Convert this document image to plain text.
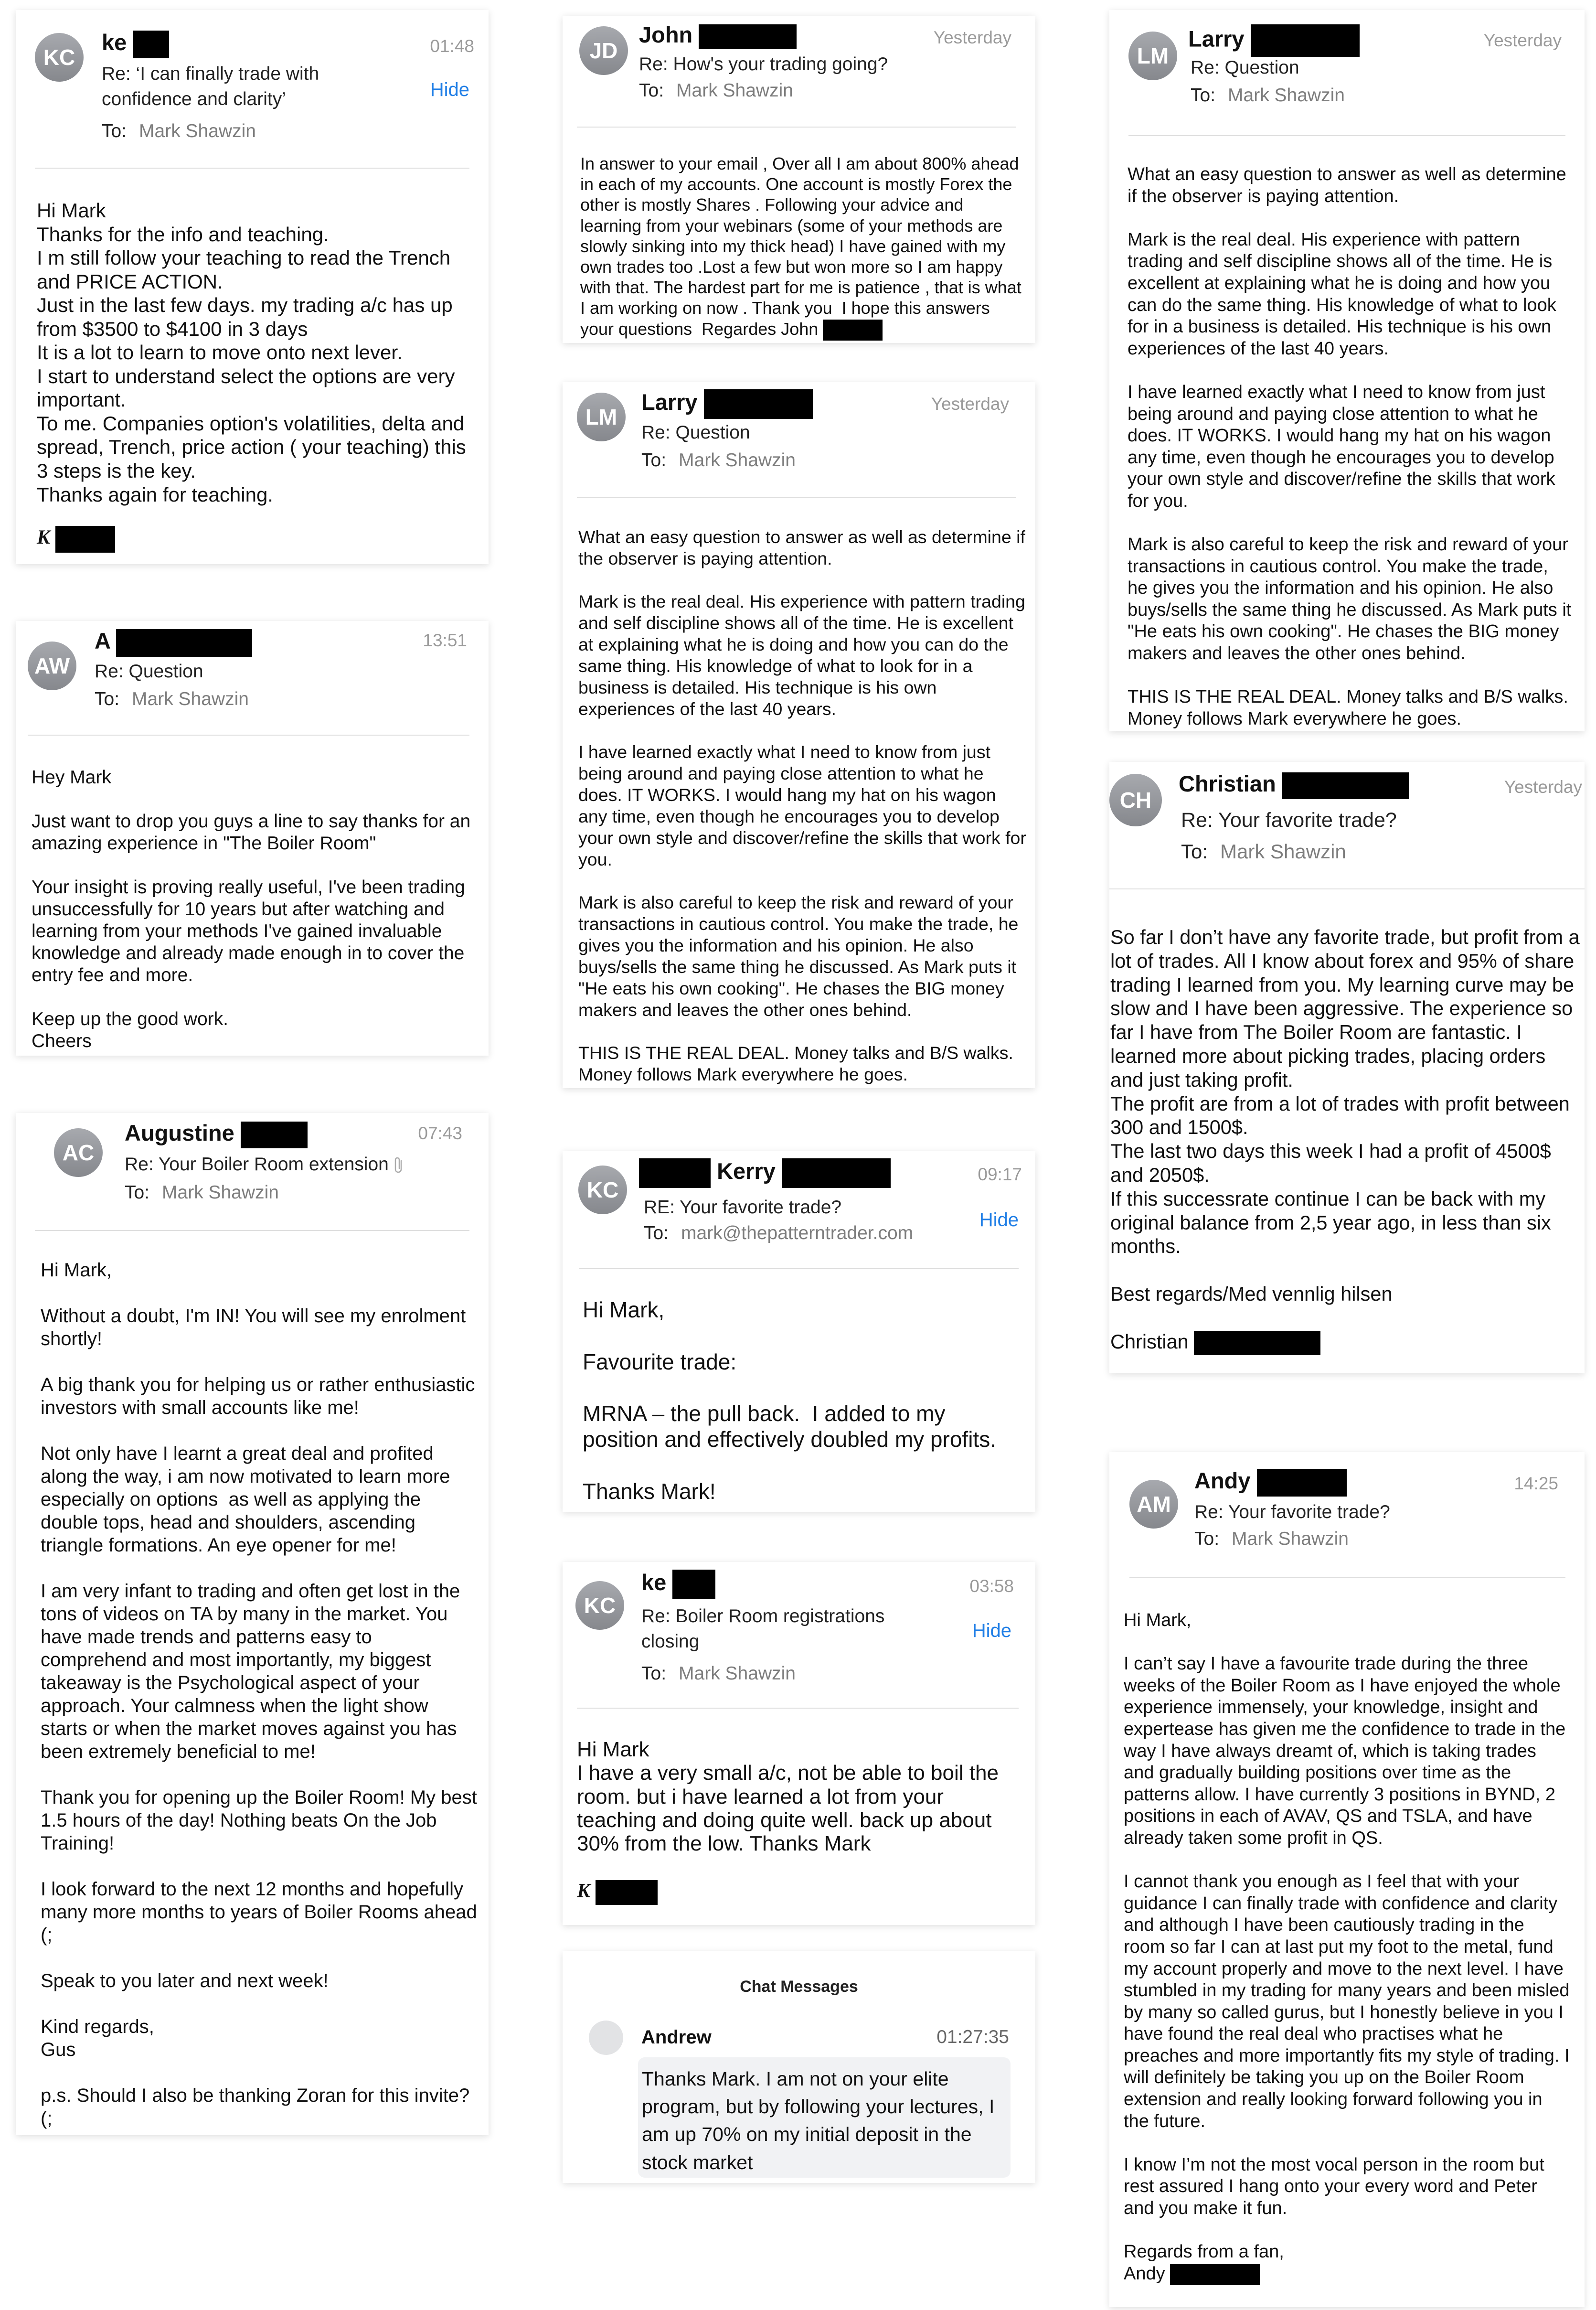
KC
ke	01:48
Re: ‘I can finally trade with confidence and clarity’	Hide
To: Mark Shawzin
Hi Mark
Thanks for the info and teaching.
I m still follow your teaching to read the Trench and PRICE ACTION.
Just in the last few days. my trading a/c has up from $3500 to $4100 in 3 days
It is a lot to learn to move onto next lever.
I start to understand select the options are very important.
To me. Companies option's volatilities, delta and spread, Trench, price action ( your teaching) this 3 steps is the key.
Thanks again for teaching.
K
AW
A	13:51
Re: Question
To: Mark Shawzin
Hey Mark

Just want to drop you guys a line to say thanks for an amazing experience in "The Boiler Room"

Your insight is proving really useful, I've been trading unsuccessfully for 10 years but after watching and learning from your methods I've gained invaluable knowledge and already made enough in to cover the entry fee and more.

Keep up the good work.
Cheers
AC
Augustine	07:43
Re: Your Boiler Room extension
To: Mark Shawzin
Hi Mark,

Without a doubt, I'm IN! You will see my enrolment shortly!

A big thank you for helping us or rather enthusiastic investors with small accounts like me!

Not only have I learnt a great deal and profited along the way, i am now motivated to learn more especially on options  as well as applying the double tops, head and shoulders, ascending triangle formations. An eye opener for me!

I am very infant to trading and often get lost in the tons of videos on TA by many in the market. You have made trends and patterns easy to comprehend and most importantly, my biggest takeaway is the Psychological aspect of your approach. Your calmness when the light show starts or when the market moves against you has been extremely beneficial to me!

Thank you for opening up the Boiler Room! My best 1.5 hours of the day! Nothing beats On the Job Training!

I look forward to the next 12 months and hopefully many more months to years of Boiler Rooms ahead (;

Speak to you later and next week!

Kind regards,
Gus

p.s. Should I also be thanking Zoran for this invite? (;
JD
John	Yesterday
Re: How's your trading going?
To: Mark Shawzin
In answer to your email , Over all I am about 800% ahead in each of my accounts. One account is mostly Forex the other is mostly Shares . Following your advice and learning from your webinars (some of your methods are slowly sinking into my thick head) I have gained with my own trades too .Lost a few but won more so I am happy with that. The hardest part for me is patience , that is what I am working on now . Thank you  I hope this answers your questions  Regardes John
LM
Larry	Yesterday
Re: Question
To: Mark Shawzin
What an easy question to answer as well as determine if the observer is paying attention.

Mark is the real deal. His experience with pattern trading and self discipline shows all of the time. He is excellent at explaining what he is doing and how you can do the same thing. His knowledge of what to look for in a business is detailed. His technique is his own experiences of the last 40 years.

I have learned exactly what I need to know from just being around and paying close attention to what he does. IT WORKS. I would hang my hat on his wagon any time, even though he encourages you to develop your own style and discover/refine the skills that work for you.

Mark is also careful to keep the risk and reward of your transactions in cautious control. You make the trade, he gives you the information and his opinion. He also buys/sells the same thing he discussed. As Mark puts it "He eats his own cooking". He chases the BIG money makers and leaves the other ones behind.

THIS IS THE REAL DEAL. Money talks and B/S walks. Money follows Mark everywhere he goes.
KC
Kerry	09:17
RE: Your favorite trade?
Hide
To: mark@thepatterntrader.com
Hi Mark,

Favourite trade:

MRNA – the pull back.  I added to my position and effectively doubled my profits.

Thanks Mark!
KC
ke	03:58
Re: Boiler Room registrations closing
Hide
To: Mark Shawzin
Hi Mark
I have a very small a/c, not be able to boil the room. but i have learned a lot from your teaching and doing quite well. back up about 30% from the low. Thanks Mark
K
Chat Messages
Andrew	01:27:35
Thanks Mark. I am not on your elite program, but by following your lectures, I am up 70% on my initial deposit in the stock market
LM
Larry	Yesterday
Re: Question
To: Mark Shawzin
What an easy question to answer as well as determine if the observer is paying attention.

Mark is the real deal. His experience with pattern trading and self discipline shows all of the time. He is excellent at explaining what he is doing and how you can do the same thing. His knowledge of what to look for in a business is detailed. His technique is his own experiences of the last 40 years.

I have learned exactly what I need to know from just being around and paying close attention to what he does. IT WORKS. I would hang my hat on his wagon any time, even though he encourages you to develop your own style and discover/refine the skills that work for you.

Mark is also careful to keep the risk and reward of your transactions in cautious control. You make the trade, he gives you the information and his opinion. He also buys/sells the same thing he discussed. As Mark puts it "He eats his own cooking". He chases the BIG money makers and leaves the other ones behind.

THIS IS THE REAL DEAL. Money talks and B/S walks. Money follows Mark everywhere he goes.
CH
Christian	Yesterday
Re: Your favorite trade?
To: Mark Shawzin
So far I don’t have any favorite trade, but profit from a lot of trades. All I know about forex and 95% of share trading I learned from you. My learning curve may be slow and I have been aggressive. The experience so far I have from The Boiler Room are fantastic. I learned more about picking trades, placing orders and just taking profit.
The profit are from a lot of trades with profit between 300 and 1500$.
The last two days this week I had a profit of 4500$ and 2050$.
If this successrate continue I can be back with my original balance from 2,5 year ago, in less than six months.

Best regards/Med vennlig hilsen

Christian
AM
Andy	14:25
Re: Your favorite trade?
To: Mark Shawzin
Hi Mark,

I can’t say I have a favourite trade during the three weeks of the Boiler Room as I have enjoyed the whole experience immensely, your knowledge, insight and expertease has given me the confidence to trade in the way I have always dreamt of, which is taking trades and gradually building positions over time as the patterns allow. I have currently 3 positions in BYND, 2 positions in each of AVAV, QS and TSLA, and have already taken some profit in QS.

I cannot thank you enough as I feel that with your guidance I can finally trade with confidence and clarity and although I have been cautiously trading in the room so far I can at last put my foot to the metal, fund my account properly and move to the next level. I have stumbled in my trading for many years and been misled by many so called gurus, but I honestly believe in you I have found the real deal who practises what he preaches and more importantly fits my style of trading. I will definitely be taking you up on the Boiler Room extension and really looking forward following you in the future.

I know I’m not the most vocal person in the room but rest assured I hang onto your every word and Peter and you make it fun.

Regards from a fan,
Andy
